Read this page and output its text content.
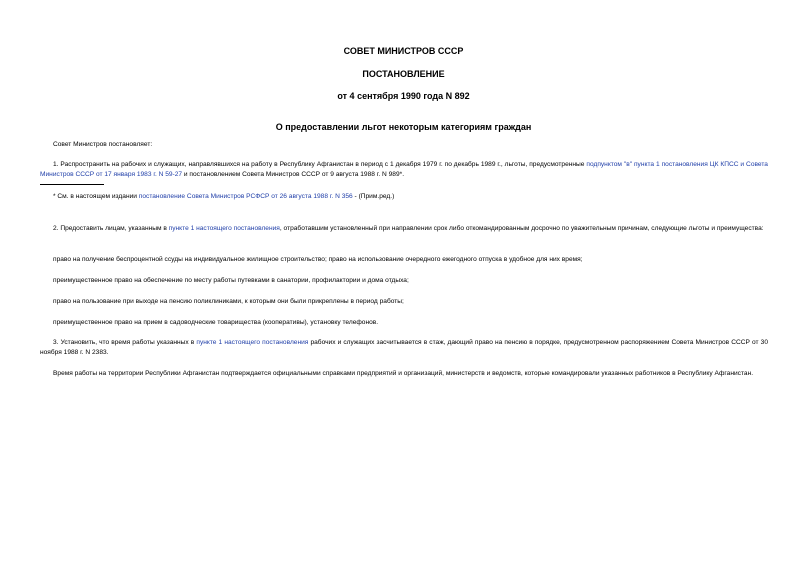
СОВЕТ МИНИСТРОВ СССР
ПОСТАНОВЛЕНИЕ
от 4 сентября 1990 года N 892
О предоставлении льгот некоторым категориям граждан
Совет Министров постановляет:
1. Распространить на рабочих и служащих, направлявшихся на работу в Республику Афганистан в период с 1 декабря 1979 г. по декабрь 1989 г., льготы, предусмотренные подпунктом "в" пункта 1 постановления ЦК КПСС и Совета Министров СССР от 17 января 1983 г. N 59-27 и постановлением Совета Министров СССР от 9 августа 1988 г. N 989*.
* См. в настоящем издании постановление Совета Министров РСФСР от 26 августа 1988 г. N 356 - (Прим.ред.)
2. Предоставить лицам, указанным в пункте 1 настоящего постановления, отработавшим установленный при направлении срок либо откомандированным досрочно по уважительным причинам, следующие льготы и преимущества:
право на получение беспроцентной ссуды на индивидуальное жилищное строительство; право на использование очередного ежегодного отпуска в удобное для них время;
преимущественное право на обеспечение по месту работы путевками в санатории, профилактории и дома отдыха;
право на пользование при выходе на пенсию поликлиниками, к которым они были прикреплены в период работы;
преимущественное право на прием в садоводческие товарищества (кооперативы), установку телефонов.
3. Установить, что время работы указанных в пункте 1 настоящего постановления рабочих и служащих засчитывается в стаж, дающий право на пенсию в порядке, предусмотренном распоряжением Совета Министров СССР от 30 ноября 1988 г. N 2383.
Время работы на территории Республики Афганистан подтверждается официальными справками предприятий и организаций, министерств и ведомств, которые командировали указанных работников в Республику Афганистан.
